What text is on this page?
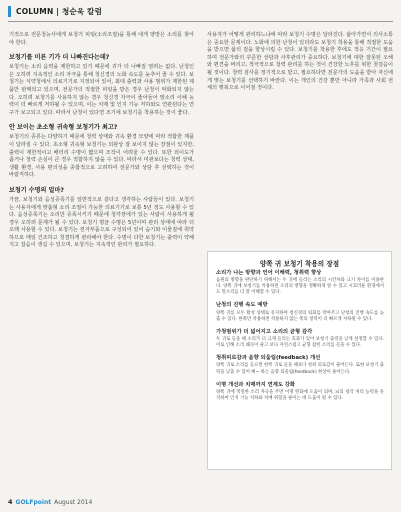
COLUMN | 청순욱 칼럼

기적으로 전문청능사에게 보청기 피팅(소리조절)을 통해 대게 양방은 소리를 찾아야 한다.

보청기를 미른 기가 더 나빠진다는데?

보청기는 소리 음력을 제한하고 있기 때문에 귀가 더 나빠질 염려는 없다. 난청인은 오히려 지속적인 소리 자극을 통해 청신경의 노화 속도를 늦추어 줄 수 있다. 보청기는 식약청에서 의료기기로 지정되어 있어, 최대 출력과 사용 범위가 제한된 제품만 판매되고 있으며, 전문가의 적절한 피팅을 받은 경우 난청이 악화되지 않는다. 오히려 보청기를 사용하지 않는 경우 청신경 자극이 줄어들어 말소리 이해 능력이 더 빠르게 저하될 수 있으며, 이는 치매 및 인지 기능 저하와도 연관된다는 연구가 보고되고 있다. 따라서 난청이 있다면 조기에 보청기를 착용하는 것이 좋다.

안 보이는 초소형 귀속형 보청기가 최고?

보청기의 종류는 다양하기 때문에 청력 상태와 귀속 환경 모양에 따라 적합한 제품이 달라질 수 있다. 초소형 귀속형 보청기는 외관상 잘 보이지 않는 장점이 있지만, 출력이 제한적이고 배터리 수명이 짧으며 조작이 어려울 수 있다. 또한 외이도가 좁거나 청력 손실이 큰 경우 적합하지 않을 수 있다. 따라서 미관보다는 청력 상태, 생활 환경, 사용 편의성을 종합적으로 고려하여 전문가와 상담 후 선택하는 것이 바람직하다.

보청기 수명의 얼마?

가끔, 보청기와 음성증폭기를 일반적으로 같다고 생각하는 사람들이 있다. 보청기는 사용자에게 맞춤형 소리 조절이 가능한 의료기기로 보통 5년 정도 사용할 수 있다. 음성증폭기는 소리만 증폭시키기 때문에 청각장애가 있는 사람이 사용하게 될 경우 오히려 문제가 될 수 있다. 보청기 평균 수명은 5년이며 관리 상태에 따라 더 오래 사용할 수 있다. 보청기는 전자부품으로 구성되어 있어 습기와 이물질에 취약하므로 매일 건조하고 청결하게 관리해야 한다. 수명이 다한 보청기는 출력이 약해지고 잡음이 생길 수 있으며, 보청기는 지속적인 관리가 필요하다.

사용자가 어떻게 관리하느냐에 따라 보청기 수명은 달라진다. 삶아가면서 의사소통은 중요한 문제이다. 노화에 의한 난청이 있더라도 보청기 착용을 통해 적절한 도움을 받으면 삶의 질을 향상시킬 수 있다. 보청기를 착용한 후에도 적응 기간이 필요하며 전문가와의 꾸준한 상담과 사후관리가 중요하다. 보청기에 대한 잘못된 오해와 편견을 버리고, 적극적으로 청력 관리를 하는 것이 건강한 노후를 위한 첫걸음이 될 것이다. 청력 검사를 정기적으로 받고, 필요하다면 전문가의 도움을 받아 자신에게 맞는 보청기를 선택하기 바란다. 이는 개인의 건강 뿐만 아니라 가족과 사회 전체의 행복으로 이어질 것이다.

양쪽 귀 보청기 착용의 장점
소리가 나는 방향과 언어 이해력, 청취력 향상

음원의 방향을 판단하기 위해서는 두 귀에 들리는 소리의 시간차와 크기 차이를 이용한다. 양쪽 귀에 보청기를 착용하면 소리의 방향을 정확하게 알 수 있고 시끄러운 환경에서도 말소리를 더 잘 이해할 수 있다.

난청의 진행 속도 예방

양쪽 귀를 모두 활성 상태로 유지하여 청신경의 퇴화를 막아주고 난청의 진행 속도를 늦출 수 있다. 한쪽만 착용하면 착용하지 않는 쪽의 청력이 더 빠르게 저하될 수 있다.

가청범위가 더 넓어지고 소리의 균형 감각

두 귀로 들을 때 소리가 더 크게 들리는 효과가 있어 보청기 출력을 낮게 설정할 수 있다. 이로 인해 소리 왜곡이 줄고 보다 자연스럽고 균형 잡힌 소리를 들을 수 있다.

청취피로감과 음향 되울림(feedback) 개선

양쪽 귀로 소리를 들으면 한쪽 귀로 들을 때보다 청취 피로감이 줄어든다. 또한 보청기 출력을 낮출 수 있어 삐~ 하는 음향 되울림(feedback) 현상이 줄어든다.

이명 개선과 치매까지 연계도 강화

양쪽 귀에 적절한 소리 자극을 주면 이명 완화에 도움이 되며, 뇌의 청각 처리 능력을 유지하여 인지 기능 저하와 치매 위험을 줄이는 데 도움이 될 수 있다.

4 GOLFpoint August 2014
